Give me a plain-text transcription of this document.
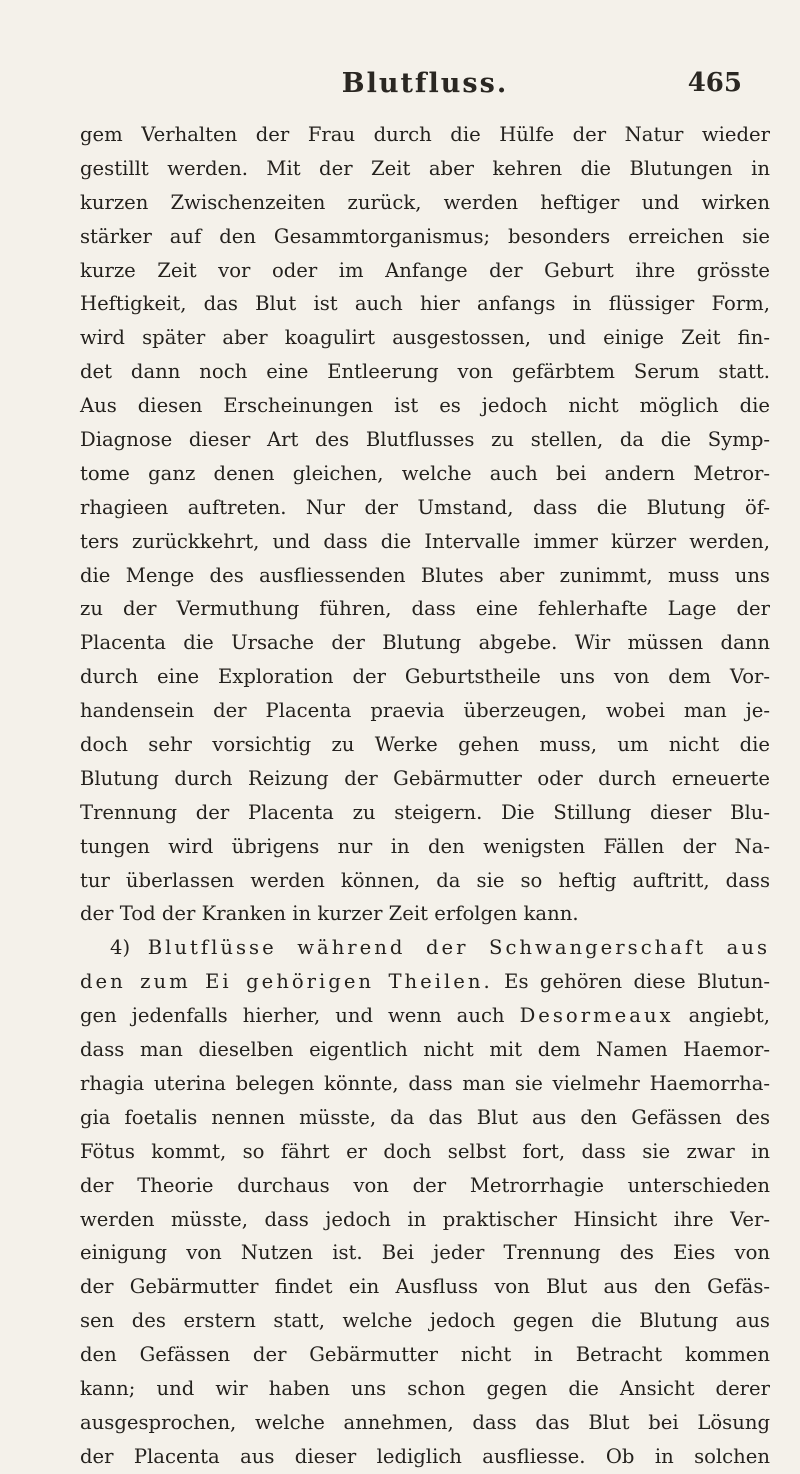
Blutfluss.	465
gem Verhalten der Frau durch die Hülfe der Natur wieder
gestillt werden. Mit der Zeit aber kehren die Blutungen in
kurzen Zwischenzeiten zurück, werden heftiger und wirken
stärker auf den Gesammtorganismus; besonders erreichen sie
kurze Zeit vor oder im Anfange der Geburt ihre grösste
Heftigkeit, das Blut ist auch hier anfangs in flüssiger Form,
wird später aber koagulirt ausgestossen, und einige Zeit fin-
det dann noch eine Entleerung von gefärbtem Serum statt.
Aus diesen Erscheinungen ist es jedoch nicht möglich die
Diagnose dieser Art des Blutflusses zu stellen, da die Symp-
tome ganz denen gleichen, welche auch bei andern Metror-
rhagieen auftreten. Nur der Umstand, dass die Blutung öf-
ters zurückkehrt, und dass die Intervalle immer kürzer werden,
die Menge des ausfliessenden Blutes aber zunimmt, muss uns
zu der Vermuthung führen, dass eine fehlerhafte Lage der
Placenta die Ursache der Blutung abgebe. Wir müssen dann
durch eine Exploration der Geburtstheile uns von dem Vor-
handensein der Placenta praevia überzeugen, wobei man je-
doch sehr vorsichtig zu Werke gehen muss, um nicht die
Blutung durch Reizung der Gebärmutter oder durch erneuerte
Trennung der Placenta zu steigern. Die Stillung dieser Blu-
tungen wird übrigens nur in den wenigsten Fällen der Na-
tur überlassen werden können, da sie so heftig auftritt, dass
der Tod der Kranken in kurzer Zeit erfolgen kann.
4) Blutflüsse während der Schwangerschaft aus
den zum Ei gehörigen Theilen. Es gehören diese Blutun-
gen jedenfalls hierher, und wenn auch Desormeaux angiebt,
dass man dieselben eigentlich nicht mit dem Namen Haemor-
rhagia uterina belegen könnte, dass man sie vielmehr Haemorrha-
gia foetalis nennen müsste, da das Blut aus den Gefässen des
Fötus kommt, so fährt er doch selbst fort, dass sie zwar in
der Theorie durchaus von der Metrorrhagie unterschieden
werden müsste, dass jedoch in praktischer Hinsicht ihre Ver-
einigung von Nutzen ist. Bei jeder Trennung des Eies von
der Gebärmutter findet ein Ausfluss von Blut aus den Gefäs-
sen des erstern statt, welche jedoch gegen die Blutung aus
den Gefässen der Gebärmutter nicht in Betracht kommen
kann; und wir haben uns schon gegen die Ansicht derer
ausgesprochen, welche annehmen, dass das Blut bei Lösung
der Placenta aus dieser lediglich ausfliesse. Ob in solchen
